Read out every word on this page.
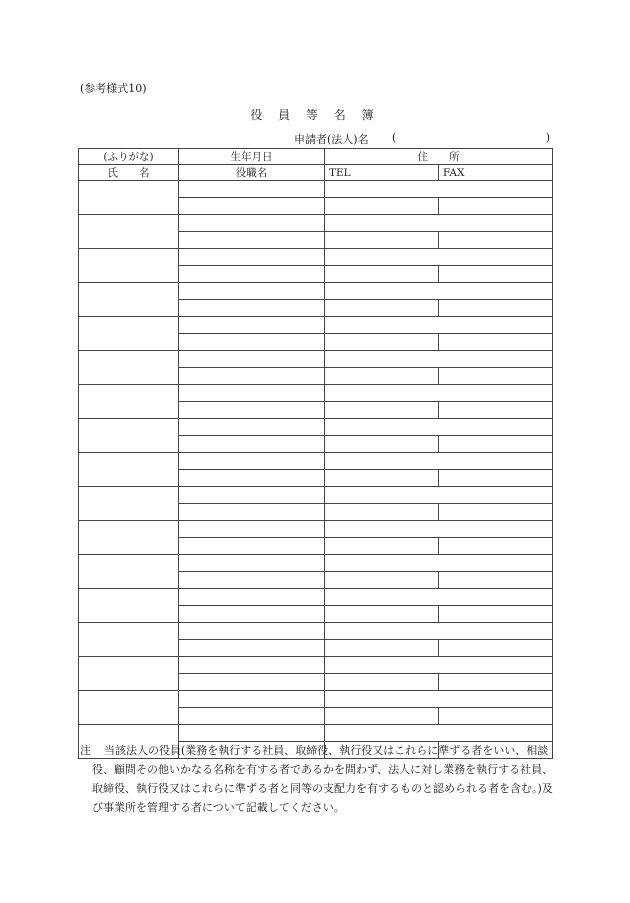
(参考様式10)
役 員 等 名 簿
申請者(法人)名 (	)
(ふりがな)	生年月日	住　　所	
氏　　名	役職名	TEL	FAX

注	当該法人の役員(業務を執行する社員、取締役、執行役又はこれらに準ずる者をいい、相談役、顧問その他いかなる名称を有する者であるかを問わず、法人に対し業務を執行する社員、取締役、執行役又はこれらに準ずる者と同等の支配力を有するものと認められる者を含む。)及び事業所を管理する者について記載してください。
